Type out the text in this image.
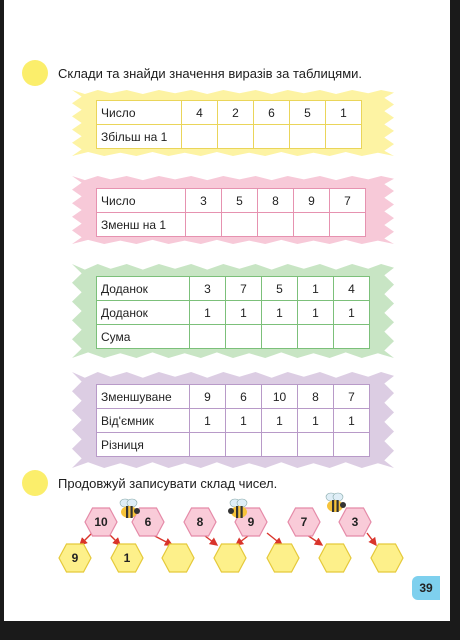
Склади та знайди значення виразів за таблицями.
Число	4	2	6	5	1
Збільш на 1					
Число	3	5	8	9	7
Зменш на 1					
Доданок	3	7	5	1	4
Доданок	1	1	1	1	1
Сума					
Зменшуване	9	6	10	8	7
Від'ємник	1	1	1	1	1
Різниця					
Продовжуй записувати склад чисел.
10	6	8	9	7	3
9	1
39
